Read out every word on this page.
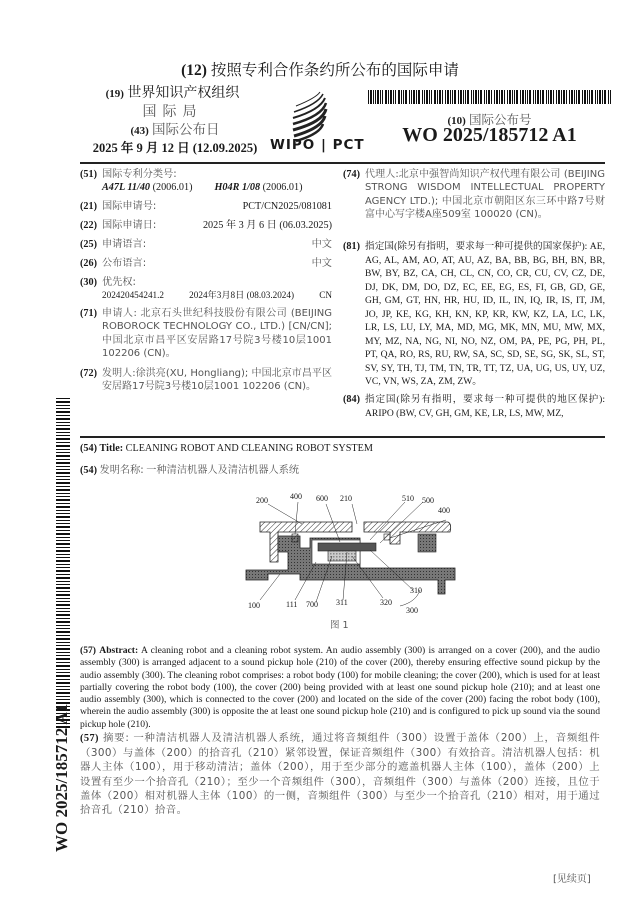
(12) 按照专利合作条约所公布的国际申请
(19) 世界知识产权组织
国际局
(43) 国际公布日
2025 年 9 月 12 日 (12.09.2025) WIPO | PCT
(10) 国际公布号
WO 2025/185712 A1
(51) 国际专利分类号:
A47L 11/40 (2006.01) H04R 1/08 (2006.01)
(21) 国际申请号:	PCT/CN2025/081081
(22) 国际申请日:	2025 年 3 月 6 日 (06.03.2025)
(25) 申请语言:	中文
(26) 公布语言:	中文
(30) 优先权:
202420454241.2	2024年3月8日 (08.03.2024)	CN
(71) 申请人: 北京石头世纪科技股份有限公司 (BEIJING ROBOROCK TECHNOLOGY CO., LTD.) [CN/CN]; 中国北京市昌平区安居路17号院3号楼10层1001 102206 (CN)。
(72) 发明人:徐洪亮(XU, Hongliang); 中国北京市昌平区安居路17号院3号楼10层1001 102206 (CN)。
(74) 代理人:北京中强智尚知识产权代理有限公司 (BEIJING STRONG WISDOM INTELLECTUAL PROPERTY AGENCY LTD.); 中国北京市朝阳区东三环中路7号财富中心写字楼A座509室 100020 (CN)。
(81) 指定国(除另有指明，要求每一种可提供的国家保护): AE, AG, AL, AM, AO, AT, AU, AZ, BA, BB, BG, BH, BN, BR, BW, BY, BZ, CA, CH, CL, CN, CO, CR, CU, CV, CZ, DE, DJ, DK, DM, DO, DZ, EC, EE, EG, ES, FI, GB, GD, GE, GH, GM, GT, HN, HR, HU, ID, IL, IN, IQ, IR, IS, IT, JM, JO, JP, KE, KG, KH, KN, KP, KR, KW, KZ, LA, LC, LK, LR, LS, LU, LY, MA, MD, MG, MK, MN, MU, MW, MX, MY, MZ, NA, NG, NI, NO, NZ, OM, PA, PE, PG, PH, PL, PT, QA, RO, RS, RU, RW, SA, SC, SD, SE, SG, SK, SL, ST, SV, SY, TH, TJ, TM, TN, TR, TT, TZ, UA, UG, US, UY, UZ, VC, VN, WS, ZA, ZM, ZW。
(84) 指定国(除另有指明，要求每一种可提供的地区保护): ARIPO (BW, CV, GH, GM, KE, LR, LS, MW, MZ,
WO 2025/185712 A1
(54) Title: CLEANING ROBOT AND CLEANING ROBOT SYSTEM
(54) 发明名称: 一种清洁机器人及清洁机器人系统
200	400 600 210	510 500
400
100	111 700 311	320
310
300
图 1
(57) Abstract: A cleaning robot and a cleaning robot system. An audio assembly (300) is arranged on a cover (200), and the audio assembly (300) is arranged adjacent to a sound pickup hole (210) of the cover (200), thereby ensuring effective sound pickup by the audio assembly (300). The cleaning robot comprises: a robot body (100) for mobile cleaning; the cover (200), which is used for at least partially covering the robot body (100), the cover (200) being provided with at least one sound pickup hole (210); and at least one audio assembly (300), which is connected to the cover (200) and located on the side of the cover (200) facing the robot body (100), wherein the audio assembly (300) is opposite the at least one sound pickup hole (210) and is configured to pick up sound via the sound pickup hole (210).
(57) 摘要: 一种清洁机器人及清洁机器人系统，通过将音频组件（300）设置于盖体（200）上，音频组件（300）与盖体（200）的拾音孔（210）紧邻设置，保证音频组件（300）有效拾音。清洁机器人包括：机器人主体（100），用于移动清洁；盖体（200），用于至少部分的遮盖机器人主体（100），盖体（200）上设置有至少一个拾音孔（210）；至少一个音频组件（300），音频组件（300）与盖体（200）连接，且位于盖体（200）相对机器人主体（100）的一侧，音频组件（300）与至少一个拾音孔（210）相对，用于通过拾音孔（210）拾音。
[见续页]
